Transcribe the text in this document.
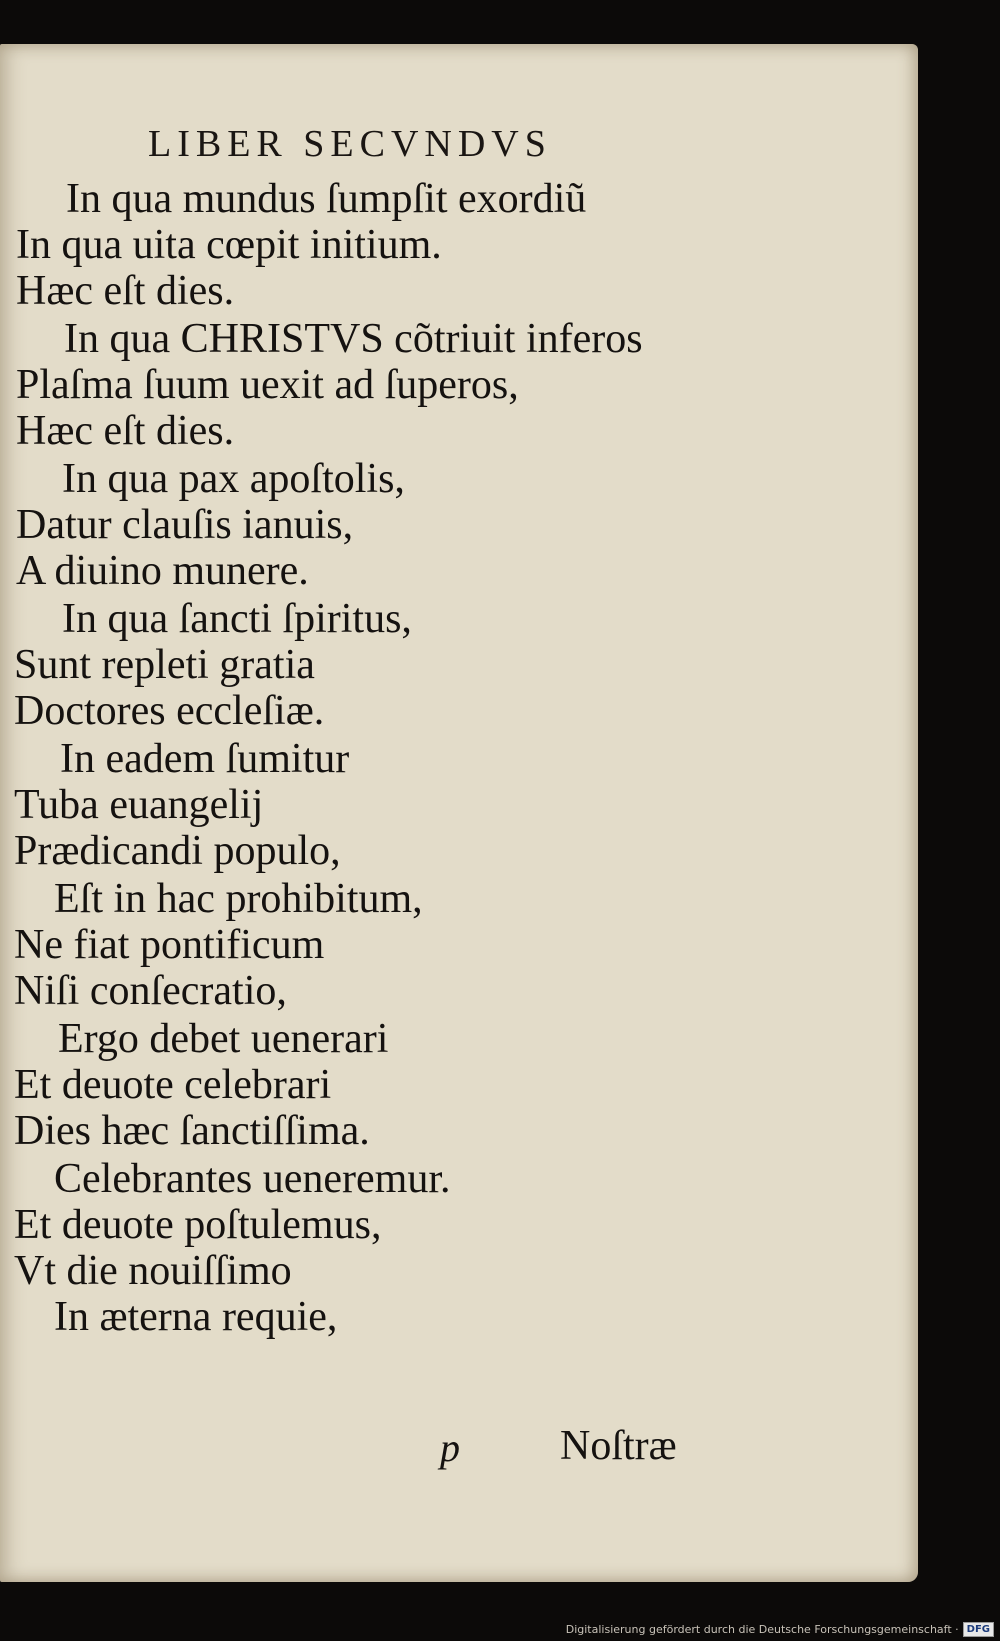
LIBER SECVNDVS
In qua mundus ſumpſit exordiũ
In qua uita cœpit initium.
Hæc eſt dies.
In qua CHRISTVS cõtriuit inferos
Plaſma ſuum uexit ad ſuperos,
Hæc eſt dies.
In qua pax apoſtolis,
Datur clauſis ianuis,
A diuino munere.
In qua ſancti ſpiritus,
Sunt repleti gratia
Doctores eccleſiæ.
In eadem ſumitur
Tuba euangelij
Prædicandi populo,
Eſt in hac prohibitum,
Ne fiat pontificum
Niſi conſecratio,
Ergo debet uenerari
Et deuote celebrari
Dies hæc ſanctiſſima.
Celebrantes ueneremur.
Et deuote poſtulemus,
Vt die nouiſſimo
In æterna requie,
p Noſtræ
Digitalisierung gefördert durch die Deutsche Forschungsgemeinschaft · DFG
